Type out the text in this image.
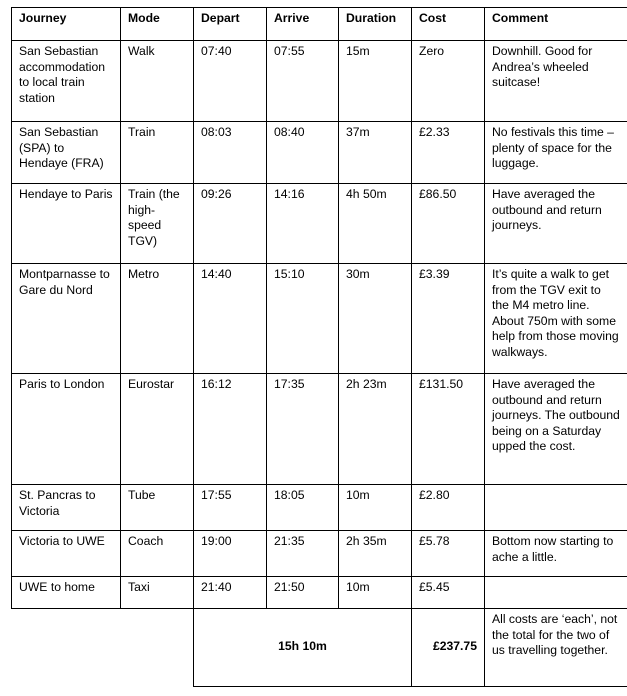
Journey	Mode	Depart	Arrive	Duration	Cost	Comment
San Sebastian accommodation to local train station	Walk	07:40	07:55	15m	Zero	Downhill. Good for Andrea’s wheeled suitcase!
San Sebastian (SPA) to Hendaye (FRA)	Train	08:03	08:40	37m	£2.33	No festivals this time – plenty of space for the luggage.
Hendaye to Paris	Train (the high-speed TGV)	09:26	14:16	4h 50m	£86.50	Have averaged the outbound and return journeys.
Montparnasse to Gare du Nord	Metro	14:40	15:10	30m	£3.39	It’s quite a walk to get from the TGV exit to the M4 metro line. About 750m with some help from those moving walkways.
Paris to London	Eurostar	16:12	17:35	2h 23m	£131.50	Have averaged the outbound and return journeys. The outbound being on a Saturday upped the cost.
St. Pancras to Victoria	Tube	17:55	18:05	10m	£2.80	
Victoria to UWE	Coach	19:00	21:35	2h 35m	£5.78	Bottom now starting to ache a little.
UWE to home	Taxi	21:40	21:50	10m	£5.45	
		15h 10m			£237.75	All costs are ‘each’, not the total for the two of us travelling together.
